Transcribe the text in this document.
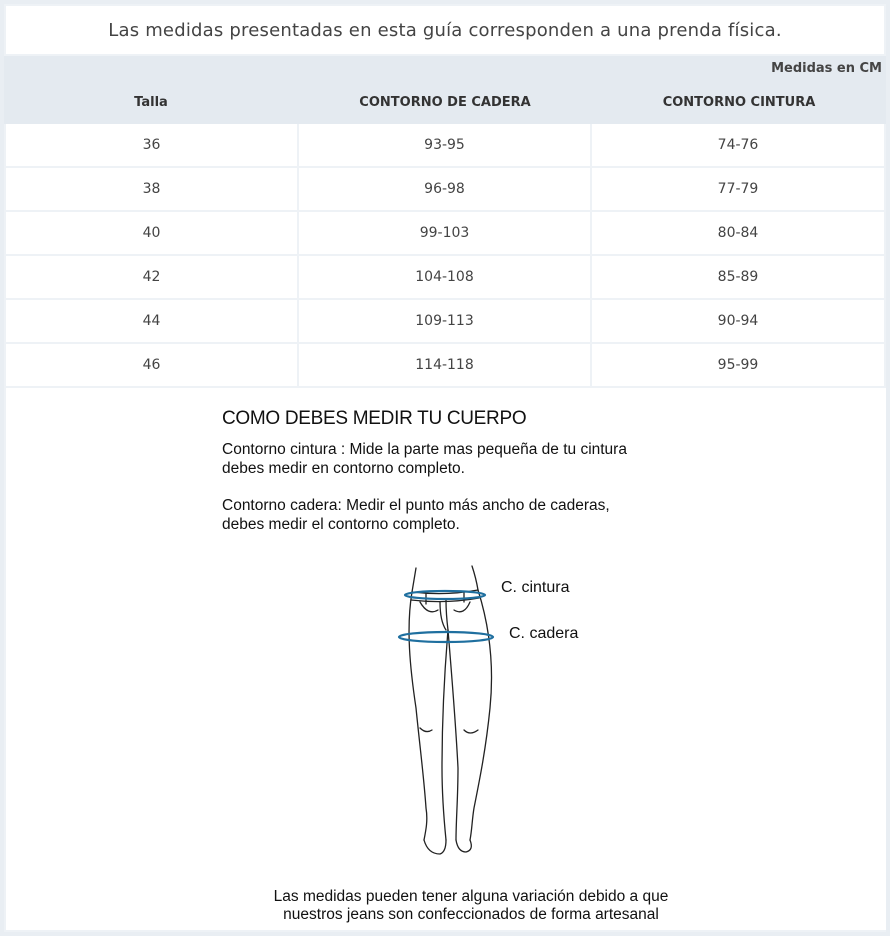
Las medidas presentadas en esta guía corresponden a una prenda física.
Medidas en CM
Talla	CONTORNO DE CADERA	CONTORNO CINTURA
36	93-95	74-76
38	96-98	77-79
40	99-103	80-84
42	104-108	85-89
44	109-113	90-94
46	114-118	95-99
COMO DEBES MEDIR TU CUERPO
Contorno cintura : Mide la parte mas pequeña de tu cintura
debes medir en contorno completo.
Contorno cadera: Medir el punto más ancho de caderas,
debes medir el contorno completo.
C. cintura
C. cadera
Las medidas pueden tener alguna variación debido a que
nuestros jeans son confeccionados de forma artesanal
